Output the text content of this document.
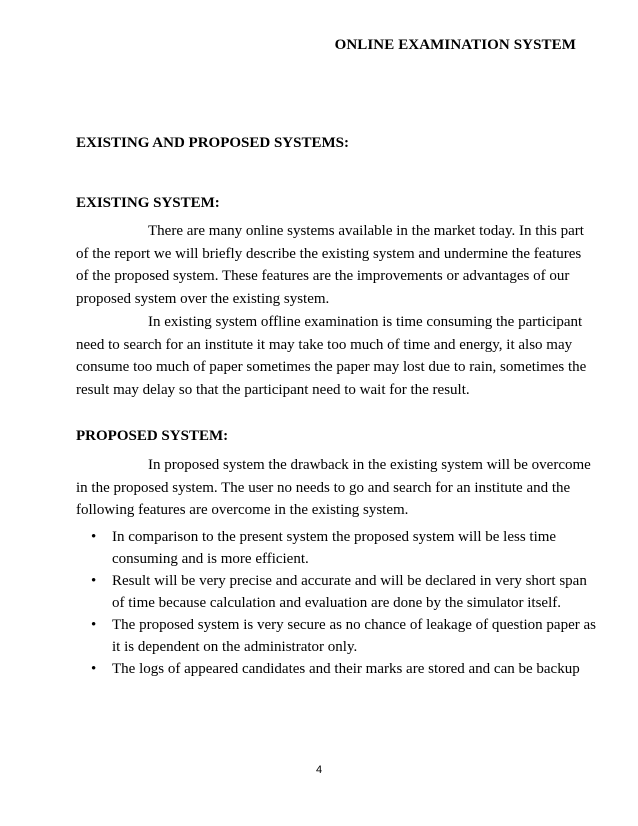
ONLINE EXAMINATION SYSTEM
EXISTING AND PROPOSED SYSTEMS:
EXISTING SYSTEM:
There are many online systems available in the market today. In this part of the report we will briefly describe the existing system and undermine the features of the proposed system. These features are the improvements or advantages of our proposed system over the existing system.
In existing system offline examination is time consuming the participant need to search for an institute it may take too much of time and energy, it also may consume too much of paper sometimes the paper may lost due to rain, sometimes the result may delay so that the participant need to wait for the result.
PROPOSED SYSTEM:
In proposed system the drawback in the existing system will be overcome in the proposed system. The user no needs to go and search for an institute and the following features are overcome in the existing system.
• In comparison to the present system the proposed system will be less time consuming and is more efficient.
• Result will be very precise and accurate and will be declared in very short span of time because calculation and evaluation are done by the simulator itself.
• The proposed system is very secure as no chance of leakage of question paper as it is dependent on the administrator only.
• The logs of appeared candidates and their marks are stored and can be backup
4
